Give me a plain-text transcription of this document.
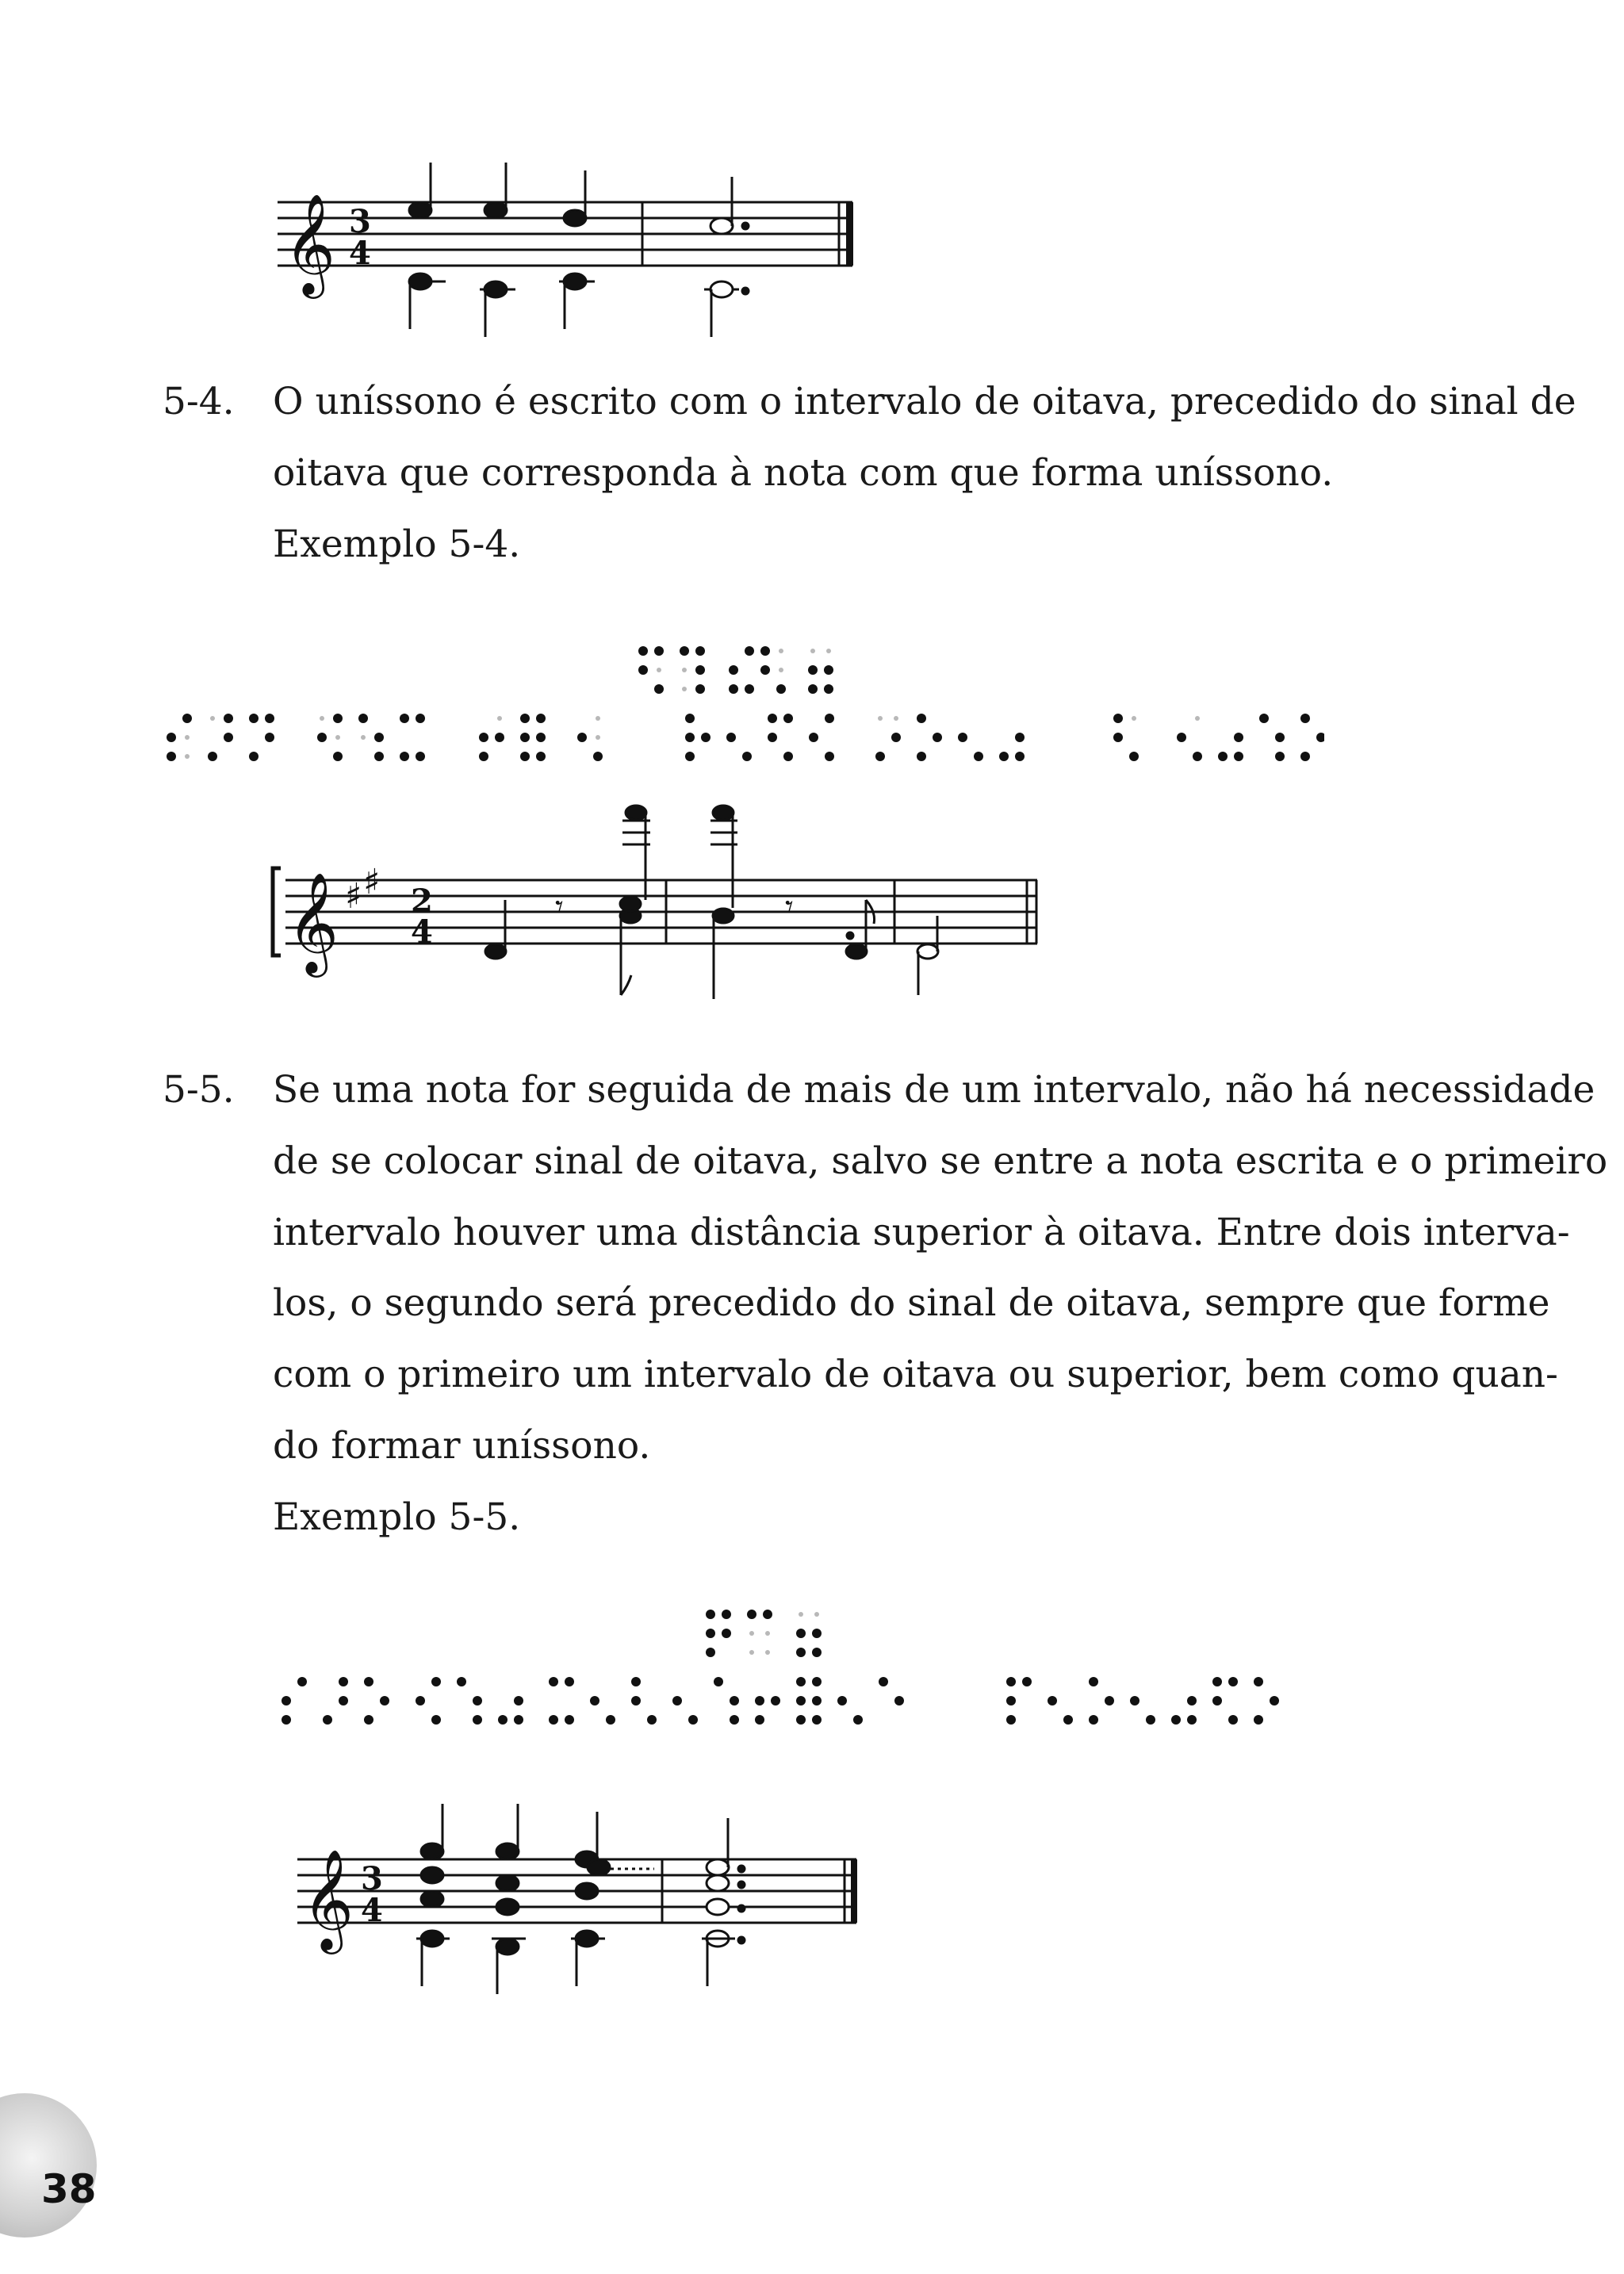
𝄞 3
4
5-4. O uníssono é escrito com o intervalo de oitava, precedido do sinal de
oitava que corresponda à nota com que forma uníssono.
Exemplo 5-4.
𝄞 ♯ ♯ 2
4
𝄾	𝄾
5-5. Se uma nota for seguida de mais de um intervalo, não há necessidade
de se colocar sinal de oitava, salvo se entre a nota escrita e o primeiro
intervalo houver uma distância superior à oitava. Entre dois interva-
los, o segundo será precedido do sinal de oitava, sempre que forme
com o primeiro um intervalo de oitava ou superior, bem como quan-
do formar uníssono.
Exemplo 5-5.
𝄞 3
4
38
